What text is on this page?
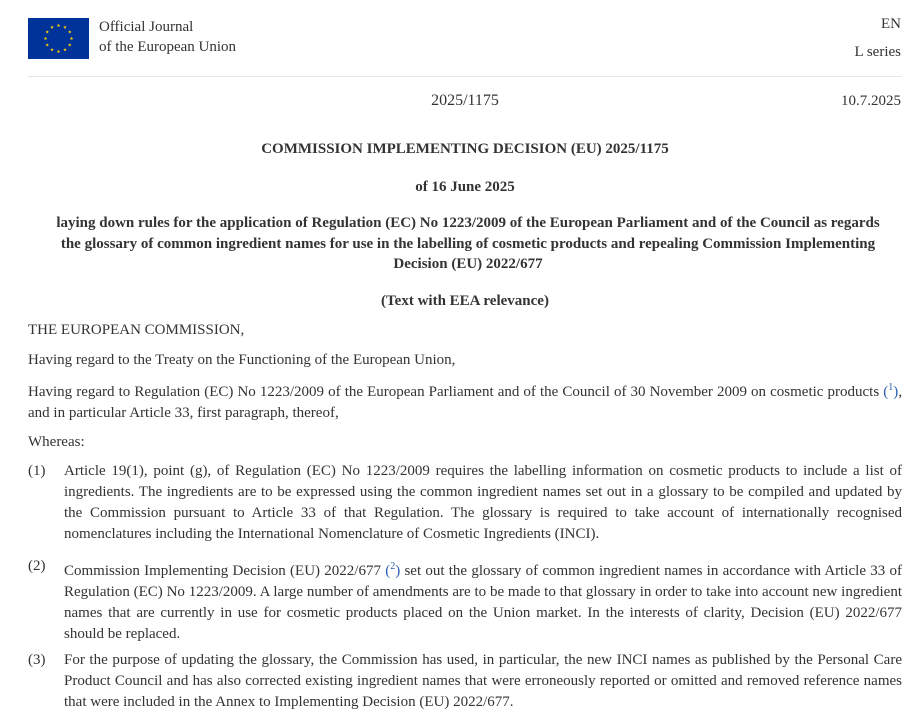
Official Journal
of the European Union
EN
L series
2025/1175	10.7.2025
COMMISSION IMPLEMENTING DECISION (EU) 2025/1175
of 16 June 2025
laying down rules for the application of Regulation (EC) No 1223/2009 of the European Parliament and of the Council as regards the glossary of common ingredient names for use in the labelling of cosmetic products and repealing Commission Implementing Decision (EU) 2022/677
(Text with EEA relevance)
THE EUROPEAN COMMISSION,
Having regard to the Treaty on the Functioning of the European Union,
Having regard to Regulation (EC) No 1223/2009 of the European Parliament and of the Council of 30 November 2009 on cosmetic products ($^1$), and in particular Article 33, first paragraph, thereof,
Whereas:
(1)	Article 19(1), point (g), of Regulation (EC) No 1223/2009 requires the labelling information on cosmetic products to include a list of ingredients. The ingredients are to be expressed using the common ingredient names set out in a glossary to be compiled and updated by the Commission pursuant to Article 33 of that Regulation. The glossary is required to take account of internationally recognised nomenclatures including the International Nomenclature of Cosmetic Ingredients (INCI).
(2)	Commission Implementing Decision (EU) 2022/677 ($^2$) set out the glossary of common ingredient names in accordance with Article 33 of Regulation (EC) No 1223/2009. A large number of amendments are to be made to that glossary in order to take into account new ingredient names that are currently in use for cosmetic products placed on the Union market. In the interests of clarity, Decision (EU) 2022/677 should be replaced.
(3)	For the purpose of updating the glossary, the Commission has used, in particular, the new INCI names as published by the Personal Care Product Council and has also corrected existing ingredient names that were erroneously reported or omitted and removed reference names that were included in the Annex to Implementing Decision (EU) 2022/677.
